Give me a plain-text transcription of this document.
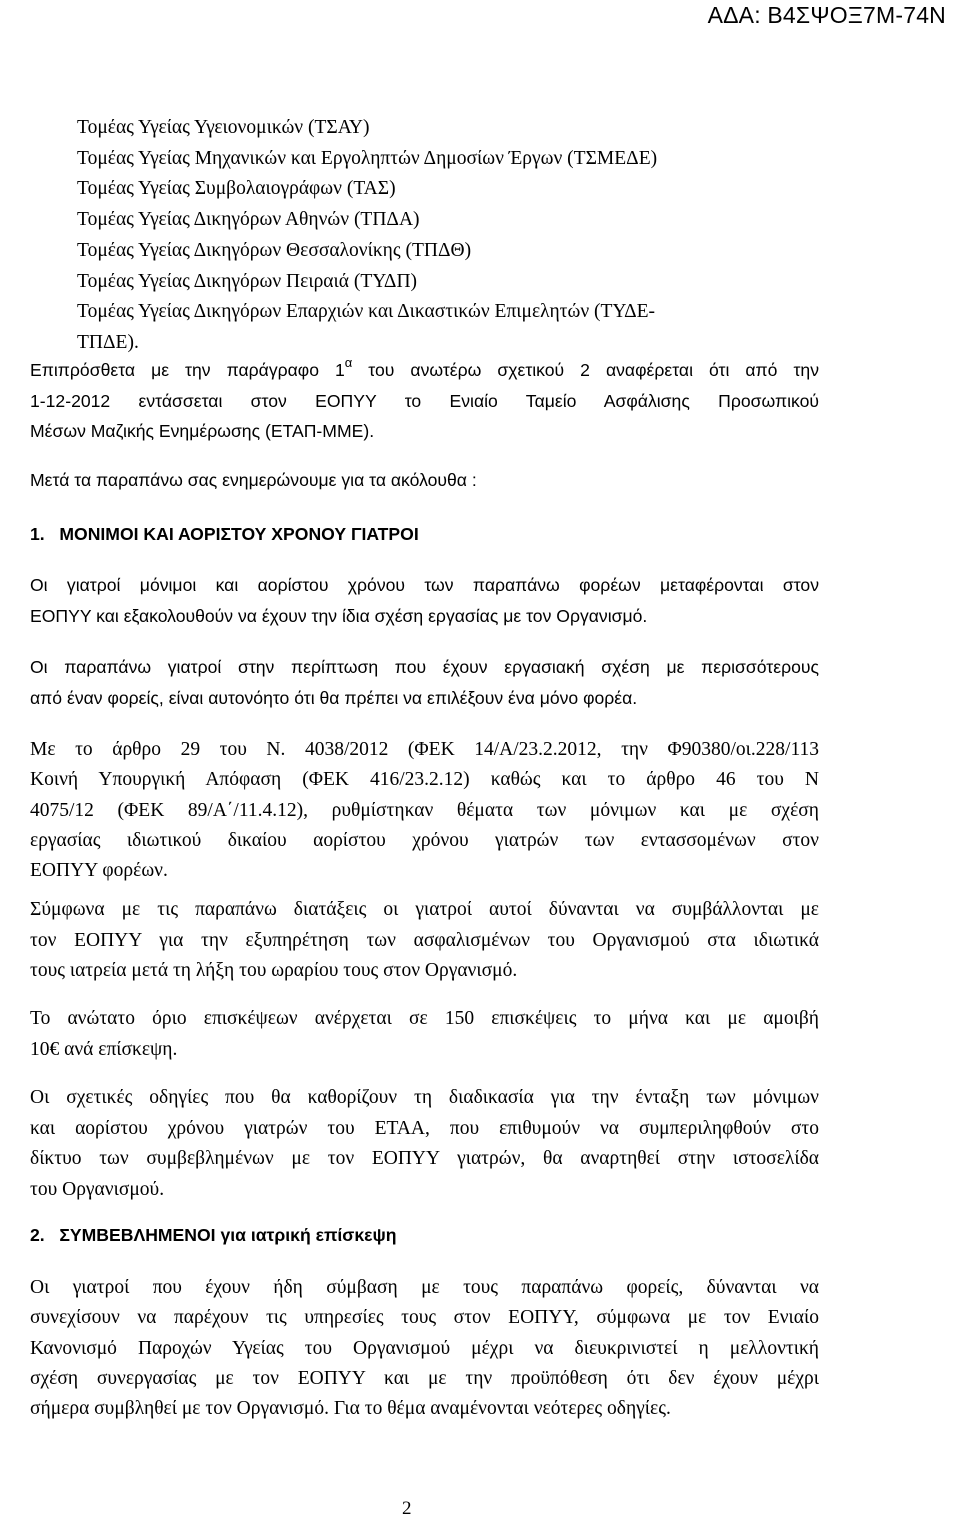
ΑΔΑ: Β4ΣΨΟΞ7Μ-74Ν
Τομέας Υγείας Υγειονομικών (ΤΣΑΥ)
Τομέας Υγείας Μηχανικών και Εργοληπτών Δημοσίων Έργων (ΤΣΜΕΔΕ)
Τομέας Υγείας Συμβολαιογράφων (ΤΑΣ)
Τομέας Υγείας Δικηγόρων Αθηνών (ΤΠΔΑ)
Τομέας Υγείας Δικηγόρων Θεσσαλονίκης (ΤΠΔΘ)
Τομέας Υγείας Δικηγόρων Πειραιά (ΤΥΔΠ)
Τομέας Υγείας Δικηγόρων Επαρχιών και Δικαστικών Επιμελητών (ΤΥΔΕ-
ΤΠΔΕ).
Επιπρόσθετα με την παράγραφο $1^\alpha$ του ανωτέρω σχετικού 2 αναφέρεται ότι από την
1-12-2012 εντάσσεται στον ΕΟΠΥΥ το Ενιαίο Ταμείο Ασφάλισης Προσωπικού
Μέσων Μαζικής Ενημέρωσης (ΕΤΑΠ-ΜΜΕ).
Μετά τα παραπάνω σας ενημερώνουμε για τα ακόλουθα :
1. ΜΟΝΙΜΟΙ ΚΑΙ ΑΟΡΙΣΤΟΥ ΧΡΟΝΟΥ ΓΙΑΤΡΟΙ
Οι γιατροί μόνιμοι και αορίστου χρόνου των παραπάνω φορέων μεταφέρονται στον
ΕΟΠΥΥ και εξακολουθούν να έχουν την ίδια σχέση εργασίας με τον Οργανισμό.
Οι παραπάνω γιατροί στην περίπτωση που έχουν εργασιακή σχέση με περισσότερους
από έναν φορείς, είναι αυτονόητο ότι θα πρέπει να επιλέξουν ένα μόνο φορέα.
Με το άρθρο 29 του Ν. 4038/2012 (ΦΕΚ 14/Α/23.2.2012, την Φ90380/οι.228/113
Κοινή Υπουργική Απόφαση (ΦΕΚ 416/23.2.12) καθώς και το άρθρο 46 του Ν
4075/12 (ΦΕΚ 89/Α΄/11.4.12), ρυθμίστηκαν θέματα των μόνιμων και με σχέση
εργασίας ιδιωτικού δικαίου αορίστου χρόνου γιατρών των εντασσομένων στον
ΕΟΠΥΥ φορέων.
Σύμφωνα με τις παραπάνω διατάξεις οι γιατροί αυτοί δύνανται να συμβάλλονται με
τον ΕΟΠΥΥ για την εξυπηρέτηση των ασφαλισμένων του Οργανισμού στα ιδιωτικά
τους ιατρεία μετά τη λήξη του ωραρίου τους στον Οργανισμό.
Το ανώτατο όριο επισκέψεων ανέρχεται σε 150 επισκέψεις το μήνα και με αμοιβή
10€ ανά επίσκεψη.
Οι σχετικές οδηγίες που θα καθορίζουν τη διαδικασία για την ένταξη των μόνιμων
και αορίστου χρόνου γιατρών του ΕΤΑΑ, που επιθυμούν να συμπεριληφθούν στο
δίκτυο των συμβεβλημένων με τον ΕΟΠΥΥ γιατρών, θα αναρτηθεί στην ιστοσελίδα
του Οργανισμού.
2. ΣΥΜΒΕΒΛΗΜΕΝΟΙ για ιατρική επίσκεψη
Οι γιατροί που έχουν ήδη σύμβαση με τους παραπάνω φορείς, δύνανται να
συνεχίσουν να παρέχουν τις υπηρεσίες τους στον ΕΟΠΥΥ, σύμφωνα με τον Ενιαίο
Κανονισμό Παροχών Υγείας του Οργανισμού μέχρι να διευκρινιστεί η μελλοντική
σχέση συνεργασίας με τον ΕΟΠΥΥ και με την προϋπόθεση ότι δεν έχουν μέχρι
σήμερα συμβληθεί με τον Οργανισμό. Για το θέμα αναμένονται νεότερες οδηγίες.
2
